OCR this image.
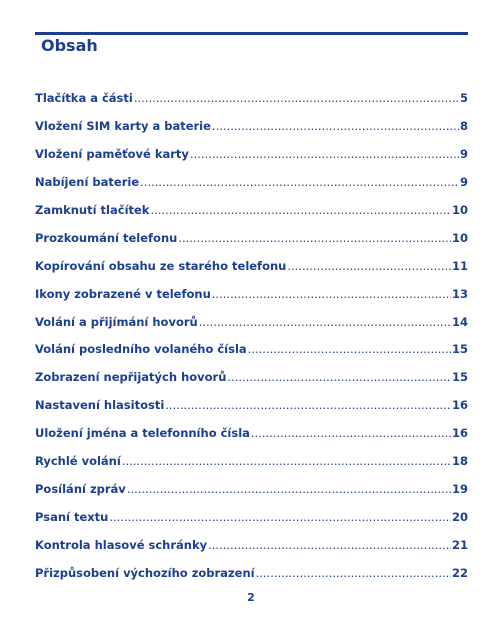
Obsah
Tlačítka a části .....	5
Vložení SIM karty a baterie .....	8
Vložení paměťové karty .....	9
Nabíjení baterie .....	9
Zamknutí tlačítek .....	10
Prozkoumání telefonu .....	10
Kopírování obsahu ze starého telefonu .....	11
Ikony zobrazené v telefonu .....	13
Volání a přijímání hovorů .....	14
Volání posledního volaného čísla .....	15
Zobrazení nepřijatých hovorů .....	15
Nastavení hlasitosti .....	16
Uložení jména a telefonního čísla .....	16
Rychlé volání .....	18
Posílání zpráv .....	19
Psaní textu .....	20
Kontrola hlasové schránky .....	21
Přizpůsobení výchozího zobrazení .....	22
2
